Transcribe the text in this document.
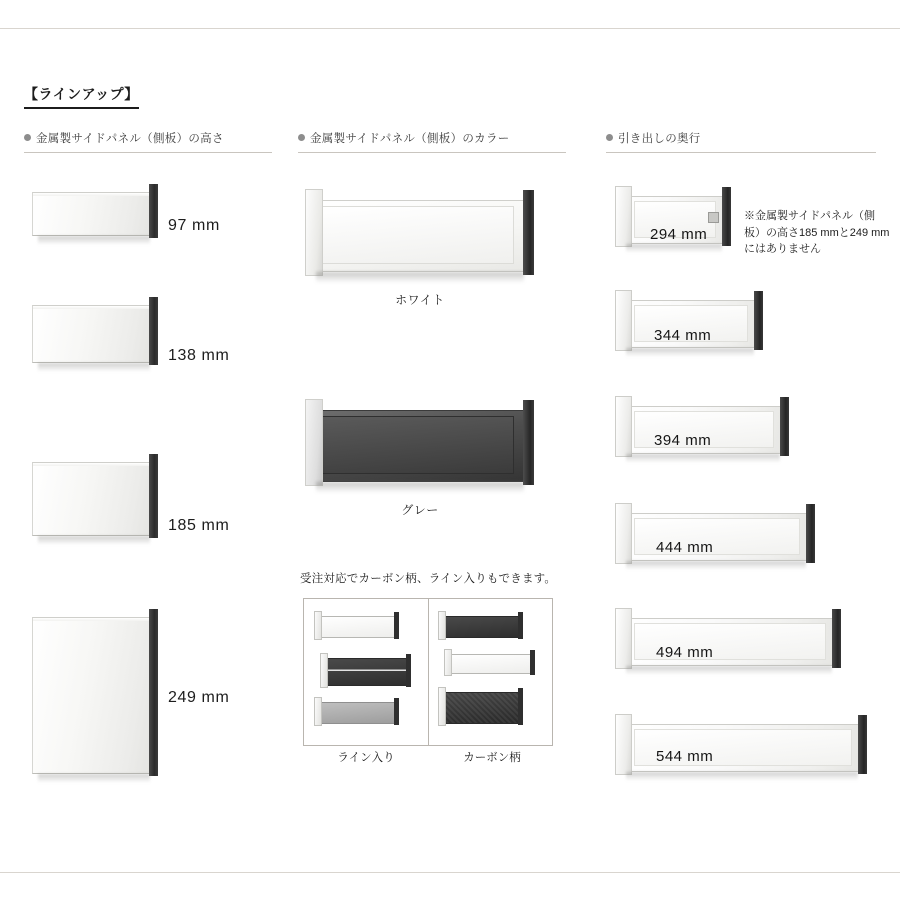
【ラインアップ】
金属製サイドパネル（側板）の高さ	金属製サイドパネル（側板）のカラー	引き出しの奥行
97 mm
138 mm
185 mm
249 mm
ホワイト
グレー
受注対応でカーボン柄、ライン入りもできます。
ライン入り	カーボン柄
294 mm
※金属製サイドパネル（側板）の高さ185 mmと249 mmにはありません
344 mm
394 mm
444 mm
494 mm
544 mm
